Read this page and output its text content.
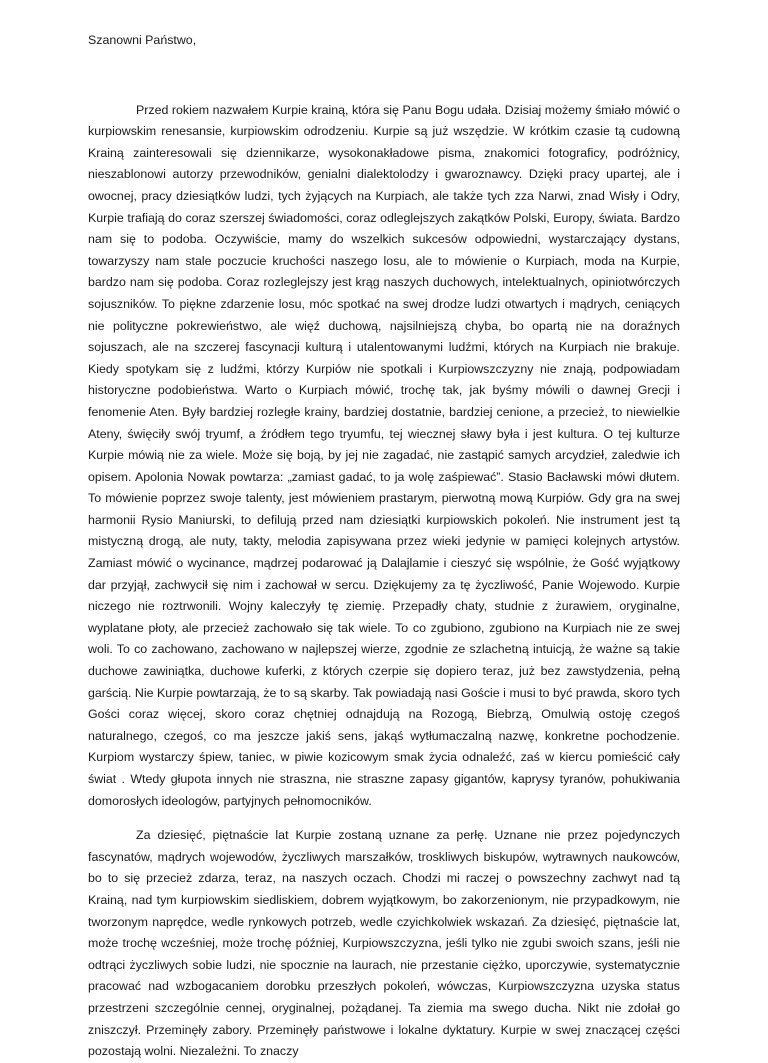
Szanowni Państwo,

Przed rokiem nazwałem Kurpie krainą, która się Panu Bogu udała. Dzisiaj możemy śmiało mówić o kurpiowskim renesansie, kurpiowskim odrodzeniu. Kurpie są już wszędzie. W krótkim czasie tą cudowną Krainą zainteresowali się dziennikarze, wysokonakładowe pisma, znakomici fotograficy, podróżnicy, nieszablonowi autorzy przewodników, genialni dialektolodzy i gwaroznawcy. Dzięki pracy upartej, ale i owocnej, pracy dziesiątków ludzi, tych żyjących na Kurpiach, ale także tych zza Narwi, znad Wisły i Odry, Kurpie trafiają do coraz szerszej świadomości, coraz odleglejszych zakątków Polski, Europy, świata. Bardzo nam się to podoba. Oczywiście, mamy do wszelkich sukcesów odpowiedni, wystarczający dystans, towarzyszy nam stale poczucie kruchości naszego losu, ale to mówienie o Kurpiach, moda na Kurpie, bardzo nam się podoba. Coraz rozleglejszy jest krąg naszych duchowych, intelektualnych, opiniotwórczych sojuszników. To piękne zdarzenie losu, móc spotkać na swej drodze ludzi otwartych i mądrych, ceniących nie polityczne pokrewieństwo, ale więź duchową, najsilniejszą chyba, bo opartą nie na doraźnych sojuszach, ale na szczerej fascynacji kulturą i utalentowanymi ludźmi, których na Kurpiach nie brakuje. Kiedy spotykam się z ludźmi, którzy Kurpiów nie spotkali i Kurpiowszczyzny nie znają, podpowiadam historyczne podobieństwa. Warto o Kurpiach mówić, trochę tak, jak byśmy mówili o dawnej Grecji i fenomenie Aten. Były bardziej rozległe krainy, bardziej dostatnie, bardziej cenione, a przecież, to niewielkie Ateny, święciły swój tryumf, a źródłem tego tryumfu, tej wiecznej sławy była i jest kultura. O tej kulturze Kurpie mówią nie za wiele. Może się boją, by jej nie zagadać, nie zastąpić samych arcydzieł, zaledwie ich opisem. Apolonia Nowak powtarza: „zamiast gadać, to ja wolę zaśpiewać”. Stasio Bacławski mówi dłutem. To mówienie poprzez swoje talenty, jest mówieniem prastarym, pierwotną mową Kurpiów. Gdy gra na swej harmonii Rysio Maniurski, to defilują przed nam dziesiątki kurpiowskich pokoleń. Nie instrument jest tą mistyczną drogą, ale nuty, takty, melodia zapisywana przez wieki jedynie w pamięci kolejnych artystów. Zamiast mówić o wycinance, mądrzej podarować ją Dalajlamie i cieszyć się wspólnie, że Gość wyjątkowy dar przyjął, zachwycił się nim i zachował w sercu. Dziękujemy za tę życzliwość, Panie Wojewodo. Kurpie niczego nie roztrwonili. Wojny kaleczyły tę ziemię. Przepadły chaty, studnie z żurawiem, oryginalne, wyplatane płoty, ale przecież zachowało się tak wiele. To co zgubiono, zgubiono na Kurpiach nie ze swej woli. To co zachowano, zachowano w najlepszej wierze, zgodnie ze szlachetną intuicją, że ważne są takie duchowe zawiniątka, duchowe kuferki, z których czerpie się dopiero teraz, już bez zawstydzenia, pełną garścią. Nie Kurpie powtarzają, że to są skarby. Tak powiadają nasi Goście i musi to być prawda, skoro tych Gości coraz więcej, skoro coraz chętniej odnajdują na Rozogą, Biebrzą, Omulwią ostoję czegoś naturalnego, czegoś, co ma jeszcze jakiś sens, jakąś wytłumaczalną nazwę, konkretne pochodzenie. Kurpiom wystarczy śpiew, taniec, w piwie kozicowym smak życia odnaleźć, zaś w kiercu pomieścić cały świat . Wtedy głupota innych nie straszna, nie straszne zapasy gigantów, kaprysy tyranów, pohukiwania domorosłych ideologów, partyjnych pełnomocników.

Za dziesięć, piętnaście lat Kurpie zostaną uznane za perłę. Uznane nie przez pojedynczych fascynatów, mądrych wojewodów, życzliwych marszałków, troskliwych biskupów, wytrawnych naukowców, bo to się przecież zdarza, teraz, na naszych oczach. Chodzi mi raczej o powszechny zachwyt nad tą Krainą, nad tym kurpiowskim siedliskiem, dobrem wyjątkowym, bo zakorzenionym, nie przypadkowym, nie tworzonym naprędce, wedle rynkowych potrzeb, wedle czyichkolwiek wskazań. Za dziesięć, piętnaście lat, może trochę wcześniej, może trochę później, Kurpiowszczyzna, jeśli tylko nie zgubi swoich szans, jeśli nie odtrąci życzliwych sobie ludzi, nie spocznie na laurach, nie przestanie ciężko, uporczywie, systematycznie pracować nad wzbogacaniem dorobku przeszłych pokoleń, wówczas, Kurpiowszczyzna uzyska status przestrzeni szczególnie cennej, oryginalnej, pożądanej. Ta ziemia ma swego ducha. Nikt nie zdołał go zniszczył. Przeminęły zabory. Przeminęły państwowe i lokalne dyktatury. Kurpie w swej znaczącej części pozostają wolni. Niezależni. To znaczy
